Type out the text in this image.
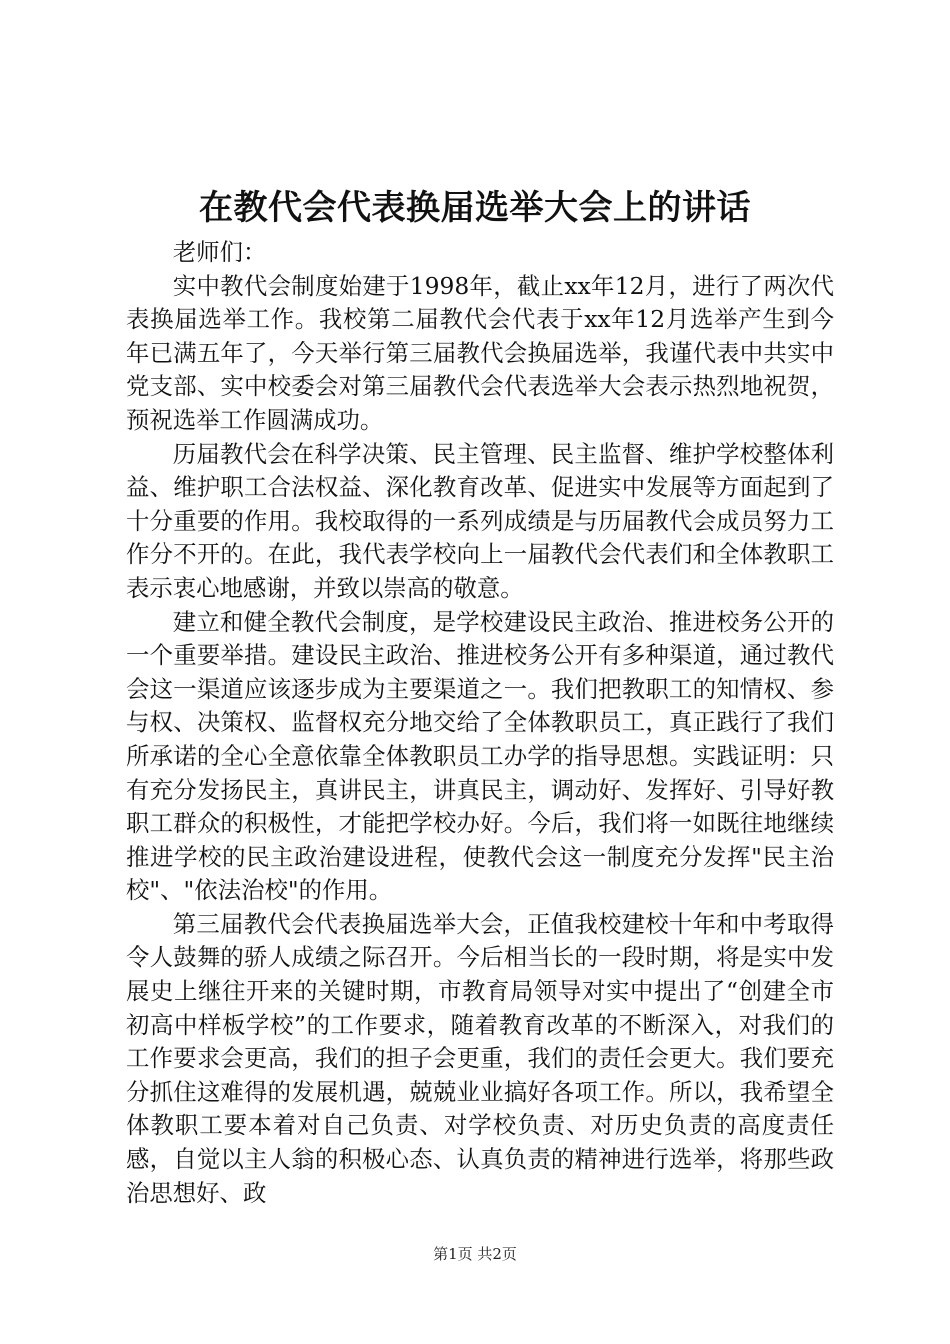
在教代会代表换届选举大会上的讲话

老师们：

实中教代会制度始建于1998年，截止xx年12月，进行了两次代表换届选举工作。我校第二届教代会代表于xx年12月选举产生到今年已满五年了，今天举行第三届教代会换届选举，我谨代表中共实中党支部、实中校委会对第三届教代会代表选举大会表示热烈地祝贺，预祝选举工作圆满成功。

历届教代会在科学决策、民主管理、民主监督、维护学校整体利益、维护职工合法权益、深化教育改革、促进实中发展等方面起到了十分重要的作用。我校取得的一系列成绩是与历届教代会成员努力工作分不开的。在此，我代表学校向上一届教代会代表们和全体教职工表示衷心地感谢，并致以崇高的敬意。

建立和健全教代会制度，是学校建设民主政治、推进校务公开的一个重要举措。建设民主政治、推进校务公开有多种渠道，通过教代会这一渠道应该逐步成为主要渠道之一。我们把教职工的知情权、参与权、决策权、监督权充分地交给了全体教职员工，真正践行了我们所承诺的全心全意依靠全体教职员工办学的指导思想。实践证明：只有充分发扬民主，真讲民主，讲真民主，调动好、发挥好、引导好教职工群众的积极性，才能把学校办好。今后，我们将一如既往地继续推进学校的民主政治建设进程，使教代会这一制度充分发挥"民主治校"、"依法治校"的作用。

第三届教代会代表换届选举大会，正值我校建校十年和中考取得令人鼓舞的骄人成绩之际召开。今后相当长的一段时期，将是实中发展史上继往开来的关键时期，市教育局领导对实中提出了“创建全市初高中样板学校”的工作要求，随着教育改革的不断深入，对我们的工作要求会更高，我们的担子会更重，我们的责任会更大。我们要充分抓住这难得的发展机遇，兢兢业业搞好各项工作。所以，我希望全体教职工要本着对自己负责、对学校负责、对历史负责的高度责任感，自觉以主人翁的积极心态、认真负责的精神进行选举，将那些政治思想好、政

第1页 共2页
